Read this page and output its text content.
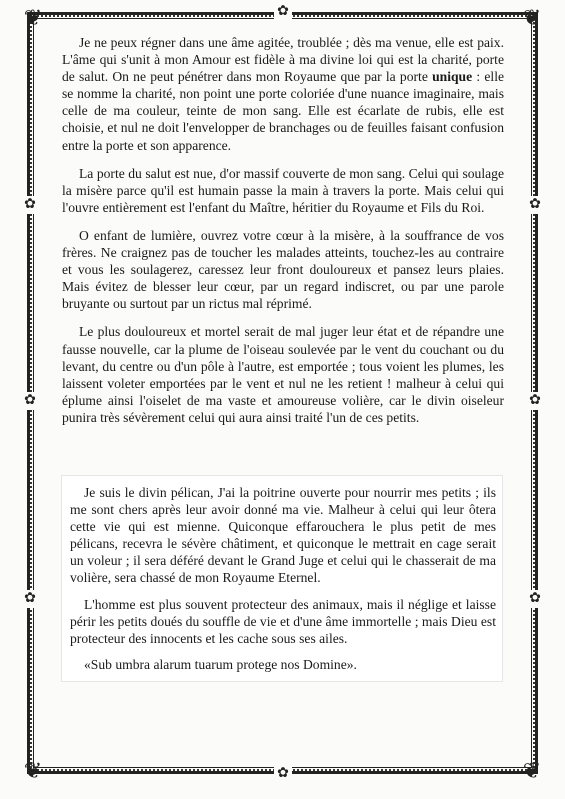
❦	❦
❦	❦
✿
✿
✿
✿
✿
✿
✿
✿

Je ne peux régner dans une âme agitée, troublée ; dès ma venue, elle est paix. L'âme qui s'unit à mon Amour est fidèle à ma divine loi qui est la charité, porte de salut. On ne peut pénétrer dans mon Royaume que par la porte unique : elle se nomme la charité, non point une porte coloriée d'une nuance imaginaire, mais celle de ma couleur, teinte de mon sang. Elle est écarlate de rubis, elle est choisie, et nul ne doit l'envelopper de branchages ou de feuilles faisant confusion entre la porte et son apparence.

La porte du salut est nue, d'or massif couverte de mon sang. Celui qui soulage la misère parce qu'il est humain passe la main à travers la porte. Mais celui qui l'ouvre entièrement est l'enfant du Maître, héritier du Royaume et Fils du Roi.

O enfant de lumière, ouvrez votre cœur à la misère, à la souffrance de vos frères. Ne craignez pas de toucher les malades atteints, touchez-les au contraire et vous les soulagerez, caressez leur front douloureux et pansez leurs plaies. Mais évitez de blesser leur cœur, par un regard indiscret, ou par une parole bruyante ou surtout par un rictus mal réprimé.

Le plus douloureux et mortel serait de mal juger leur état et de répandre une fausse nouvelle, car la plume de l'oiseau soulevée par le vent du couchant ou du levant, du centre ou d'un pôle à l'autre, est emportée ; tous voient les plumes, les laissent voleter emportées par le vent et nul ne les retient ! malheur à celui qui éplume ainsi l'oiselet de ma vaste et amoureuse volière, car le divin oiseleur punira très sévèrement celui qui aura ainsi traité l'un de ces petits.

Je suis le divin pélican, J'ai la poitrine ouverte pour nourrir mes petits ; ils me sont chers après leur avoir donné ma vie. Malheur à celui qui leur ôtera cette vie qui est mienne. Quiconque effarouchera le plus petit de mes pélicans, recevra le sévère châtiment, et quiconque le mettrait en cage serait un voleur ; il sera déféré devant le Grand Juge et celui qui le chasserait de ma volière, sera chassé de mon Royaume Eternel.

L'homme est plus souvent protecteur des animaux, mais il néglige et laisse périr les petits doués du souffle de vie et d'une âme immortelle ; mais Dieu est protecteur des innocents et les cache sous ses ailes.

«Sub umbra alarum tuarum protege nos Domine».
